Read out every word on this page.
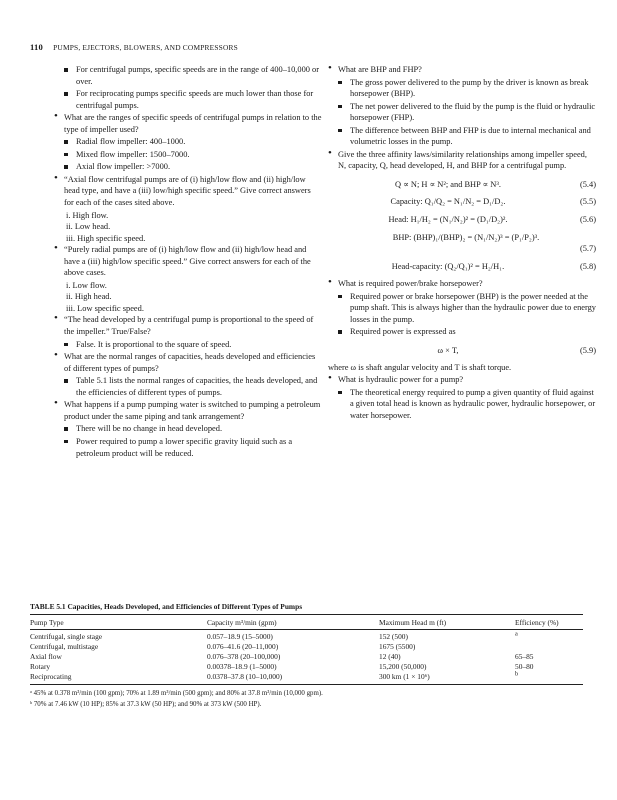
110 PUMPS, EJECTORS, BLOWERS, AND COMPRESSORS
For centrifugal pumps, specific speeds are in the range of 400–10,000 or over.
For reciprocating pumps specific speeds are much lower than those for centrifugal pumps.
• What are the ranges of specific speeds of centrifugal pumps in relation to the type of impeller used?
Radial flow impeller: 400–1000.
Mixed flow impeller: 1500–7000.
Axial flow impeller: >7000.
• “Axial flow centrifugal pumps are of (i) high/low flow and (ii) high/low head type, and have a (iii) low/high specific speed.” Give correct answers for each of the cases sited above.
i. High flow.
ii. Low head.
iii. High specific speed.
• “Purely radial pumps are of (i) high/low flow and (ii) high/low head and have a (iii) high/low specific speed.” Give correct answers for each of the above cases.
i. Low flow.
ii. High head.
iii. Low specific speed.
• “The head developed by a centrifugal pump is proportional to the speed of the impeller.” True/False?
False. It is proportional to the square of speed.
• What are the normal ranges of capacities, heads developed and efficiencies of different types of pumps?
Table 5.1 lists the normal ranges of capacities, the heads developed, and the efficiencies of different types of pumps.
• What happens if a pump pumping water is switched to pumping a petroleum product under the same piping and tank arrangement?
There will be no change in head developed.
Power required to pump a lower specific gravity liquid such as a petroleum product will be reduced.
• What are BHP and FHP?
The gross power delivered to the pump by the driver is known as break horsepower (BHP).
The net power delivered to the fluid by the pump is the fluid or hydraulic horsepower (FHP).
The difference between BHP and FHP is due to internal mechanical and volumetric losses in the pump.
• Give the three affinity laws/similarity relationships among impeller speed, N, capacity, Q, head developed, H, and BHP for a centrifugal pump.
Q ∝ N; H ∝ N²; and BHP ∝ N³.	(5.4)
Capacity: Q₁/Q₂ = N₁/N₂ = D₁/D₂.	(5.5)
Head: H₁/H₂ = (N₁/N₂)² = (D₁/D₂)².	(5.6)
BHP: (BHP)₁/(BHP)₂ = (N₁/N₂)³ = (P₁/P₂)³.
(5.7)
Head-capacity: (Q₂/Q₁)² = H₂/H₁.	(5.8)
• What is required power/brake horsepower?
Required power or brake horsepower (BHP) is the power needed at the pump shaft. This is always higher than the hydraulic power due to energy losses in the pump.
Required power is expressed as
ω × T,	(5.9)
where ω is shaft angular velocity and T is shaft torque.
• What is hydraulic power for a pump?
The theoretical energy required to pump a given quantity of fluid against a given total head is known as hydraulic power, hydraulic horsepower, or water horsepower.
TABLE 5.1 Capacities, Heads Developed, and Efficiencies of Different Types of Pumps
Pump Type	Capacity m³/min (gpm)	Maximum Head m (ft)	Efficiency (%)
Centrifugal, single stage	0.057–18.9 (15–5000)	152 (500)	$^a$
Centrifugal, multistage	0.076–41.6 (20–11,000)	1675 (5500)
Axial flow	0.076–378 (20–100,000)	12 (40)	65–85
Rotary	0.00378–18.9 (1–5000)	15,200 (50,000)	50–80
Reciprocating	0.0378–37.8 (10–10,000)	300 km (1 × 10⁶)	$^b$
ᵃ 45% at 0.378 m³/min (100 gpm); 70% at 1.89 m³/min (500 gpm); and 80% at 37.8 m³/min (10,000 gpm).
ᵇ 70% at 7.46 kW (10 HP); 85% at 37.3 kW (50 HP); and 90% at 373 kW (500 HP).
